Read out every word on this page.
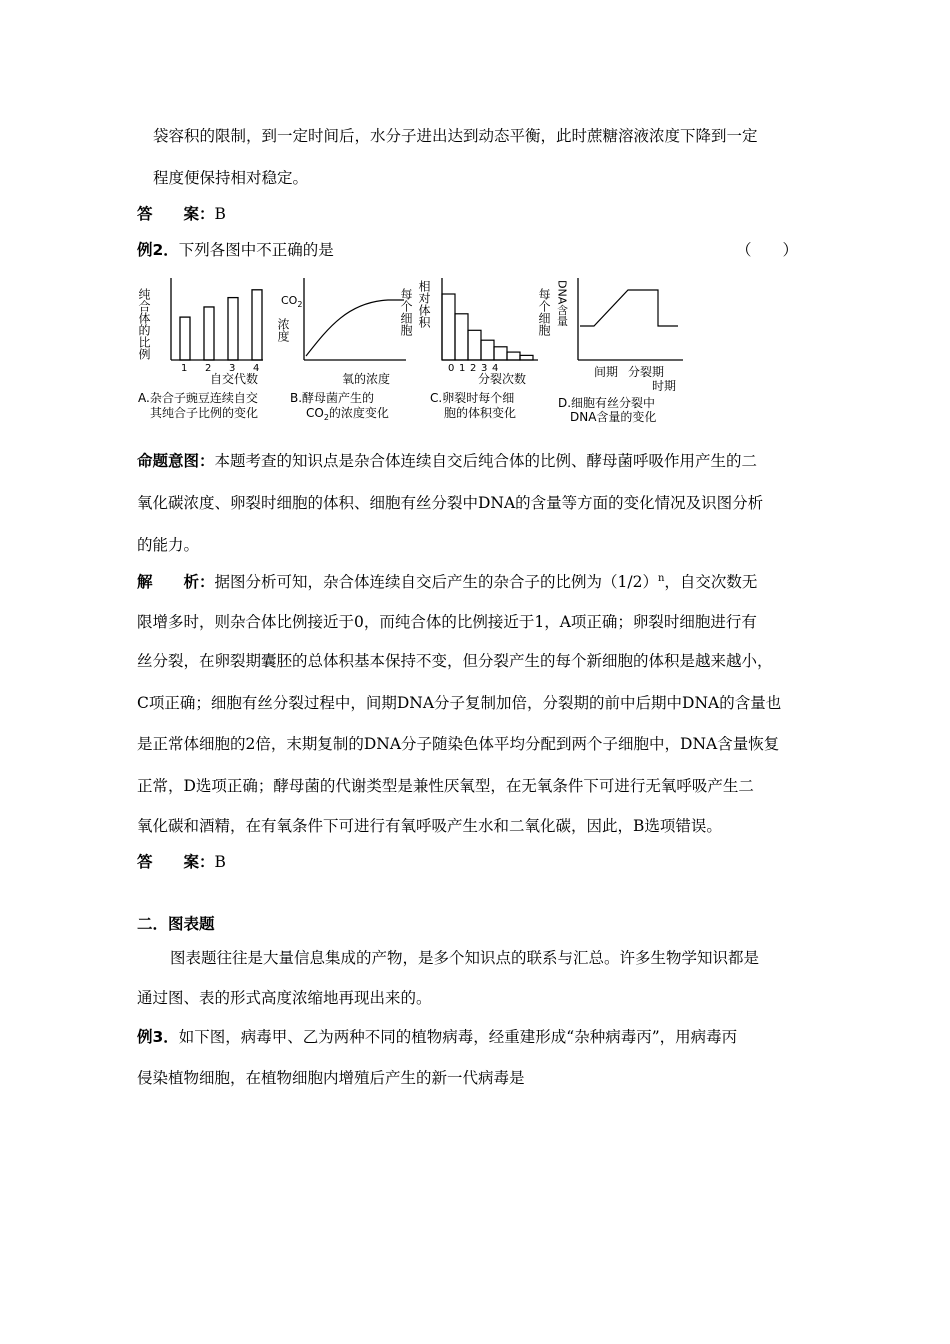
袋容积的限制，到一定时间后，水分子进出达到动态平衡，此时蔗糖溶液浓度下降到一定
程度便保持相对稳定。
答　　案：B
例2．下列各图中不正确的是	（　　）
纯合体的比例
1 2 3 4
自交代数
A.杂合子豌豆连续自交
其纯合子比例的变化
$CO_2$
浓度
氧的浓度
B.酵母菌产生的
$CO_2$的浓度变化
每个细胞 相对体积
0 1 2 3 4
分裂次数
C.卵裂时每个细
胞的体积变化
每个细胞 DNA含量
间期 分裂期
时期
D.细胞有丝分裂中
DNA含量的变化
命题意图：本题考查的知识点是杂合体连续自交后纯合体的比例、酵母菌呼吸作用产生的二
氧化碳浓度、卵裂时细胞的体积、细胞有丝分裂中DNA的含量等方面的变化情况及识图分析
的能力。
解　　析：据图分析可知，杂合体连续自交后产生的杂合子的比例为$(1/2)^n$，自交次数无
限增多时，则杂合体比例接近于0，而纯合体的比例接近于1，A项正确；卵裂时细胞进行有
丝分裂，在卵裂期囊胚的总体积基本保持不变，但分裂产生的每个新细胞的体积是越来越小，
C项正确；细胞有丝分裂过程中，间期DNA分子复制加倍，分裂期的前中后期中DNA的含量也
是正常体细胞的2倍，末期复制的DNA分子随染色体平均分配到两个子细胞中，DNA含量恢复
正常，D选项正确；酵母菌的代谢类型是兼性厌氧型，在无氧条件下可进行无氧呼吸产生二
氧化碳和酒精，在有氧条件下可进行有氧呼吸产生水和二氧化碳，因此，B选项错误。
答　　案：B
二．图表题
图表题往往是大量信息集成的产物，是多个知识点的联系与汇总。许多生物学知识都是
通过图、表的形式高度浓缩地再现出来的。
例3．如下图，病毒甲、乙为两种不同的植物病毒，经重建形成“杂种病毒丙”，用病毒丙
侵染植物细胞，在植物细胞内增殖后产生的新一代病毒是
